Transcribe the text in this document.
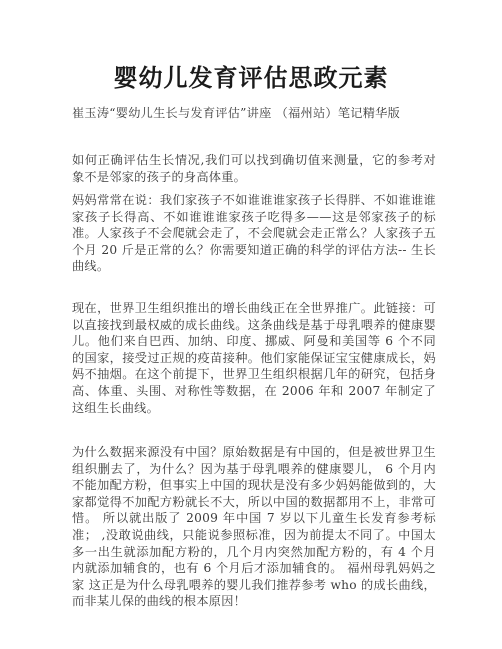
婴幼儿发育评估思政元素

崔玉涛“婴幼儿生长与发育评估”讲座 （福州站）笔记精华版

如何正确评估生长情况,我们可以找到确切值来测量，它的参考对象不是邻家的孩子的身高体重。

妈妈常常在说：我们家孩子不如谁谁谁家孩子长得胖、不如谁谁谁家孩子长得高、不如谁谁谁家孩子吃得多——这是邻家孩子的标准。人家孩子不会爬就会走了，不会爬就会走正常么？人家孩子五个月 20 斤是正常的么？你需要知道正确的科学的评估方法-- 生长曲线。

现在，世界卫生组织推出的增长曲线正在全世界推广。此链接：可以直接找到最权威的成长曲线。这条曲线是基于母乳喂养的健康婴儿。他们来自巴西、加纳、印度、挪威、阿曼和美国等 6 个不同的国家，接受过正规的疫苗接种。他们家能保证宝宝健康成长，妈妈不抽烟。在这个前提下，世界卫生组织根据几年的研究，包括身高、体重、头围、对称性等数据，在 2006 年和 2007 年制定了这组生长曲线。

为什么数据来源没有中国？原始数据是有中国的，但是被世界卫生组织删去了，为什么？因为基于母乳喂养的健康婴儿， 6 个月内不能加配方粉，但事实上中国的现状是没有多少妈妈能做到的，大家都觉得不加配方粉就长不大，所以中国的数据都用不上，非常可惜。 所以就出版了 2009 年中国 7 岁以下儿童生长发育参考标准； ,没敢说曲线，只能说参照标准，因为前提太不同了。中国太多一出生就添加配方粉的，几个月内突然加配方粉的，有 4 个月内就添加辅食的，也有 6 个月后才添加辅食的。 福州母乳妈妈之家 这正是为什么母乳喂养的婴儿我们推荐参考 who 的成长曲线，而非某儿保的曲线的根本原因！
